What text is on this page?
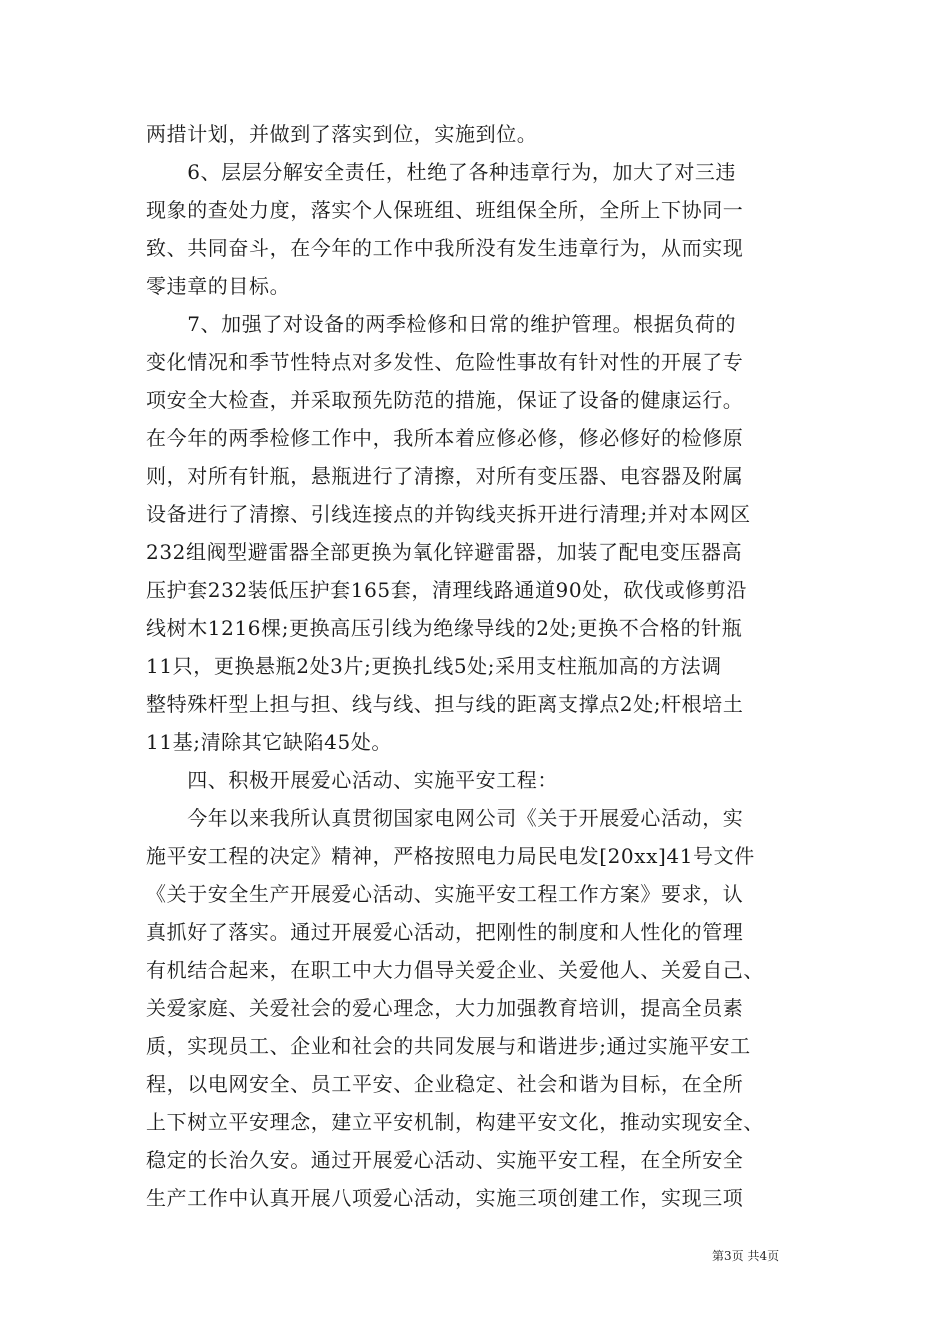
两措计划，并做到了落实到位，实施到位。
　　6、层层分解安全责任，杜绝了各种违章行为，加大了对三违
现象的查处力度，落实个人保班组、班组保全所，全所上下协同一
致、共同奋斗，在今年的工作中我所没有发生违章行为，从而实现
零违章的目标。
　　7、加强了对设备的两季检修和日常的维护管理。根据负荷的
变化情况和季节性特点对多发性、危险性事故有针对性的开展了专
项安全大检查，并采取预先防范的措施，保证了设备的健康运行。
在今年的两季检修工作中，我所本着应修必修，修必修好的检修原
则，对所有针瓶，悬瓶进行了清擦，对所有变压器、电容器及附属
设备进行了清擦、引线连接点的并钩线夹拆开进行清理;并对本网区
232组阀型避雷器全部更换为氧化锌避雷器，加装了配电变压器高
压护套232装低压护套165套，清理线路通道90处，砍伐或修剪沿
线树木1216棵;更换高压引线为绝缘导线的2处;更换不合格的针瓶
11只，更换悬瓶2处3片;更换扎线5处;采用支柱瓶加高的方法调
整特殊杆型上担与担、线与线、担与线的距离支撑点2处;杆根培土
11基;清除其它缺陷45处。
　　四、积极开展爱心活动、实施平安工程：
　　今年以来我所认真贯彻国家电网公司《关于开展爱心活动，实
施平安工程的决定》精神，严格按照电力局民电发[20xx]41号文件
《关于安全生产开展爱心活动、实施平安工程工作方案》要求，认
真抓好了落实。通过开展爱心活动，把刚性的制度和人性化的管理
有机结合起来，在职工中大力倡导关爱企业、关爱他人、关爱自己、
关爱家庭、关爱社会的爱心理念，大力加强教育培训，提高全员素
质，实现员工、企业和社会的共同发展与和谐进步;通过实施平安工
程，以电网安全、员工平安、企业稳定、社会和谐为目标，在全所
上下树立平安理念，建立平安机制，构建平安文化，推动实现安全、
稳定的长治久安。通过开展爱心活动、实施平安工程，在全所安全
生产工作中认真开展八项爱心活动，实施三项创建工作，实现三项
第3页 共4页
